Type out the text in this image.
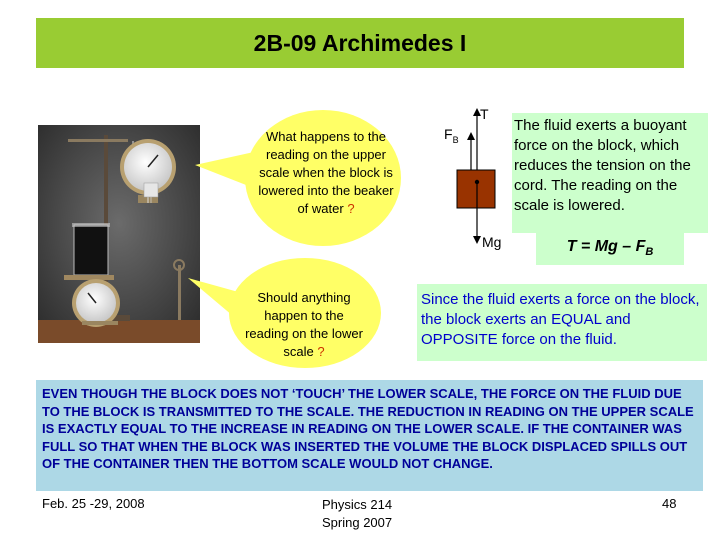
2B-09 Archimedes I
What happens to the reading on the upper scale when the block is lowered into the beaker of water ?
Should anything happen to the reading on the lower scale ?
T
$F_B$
Mg
The fluid exerts a buoyant force on the block, which reduces the tension on the cord. The reading on the scale is lowered.
$T = Mg - F_B$
Since the fluid exerts a force on the block, the block exerts an EQUAL and OPPOSITE force on the fluid.
EVEN THOUGH THE BLOCK DOES NOT ‘TOUCH’ THE LOWER SCALE, THE FORCE ON THE FLUID DUE TO THE BLOCK IS TRANSMITTED TO THE SCALE. THE REDUCTION IN READING ON THE UPPER SCALE IS EXACTLY EQUAL TO THE INCREASE IN READING ON THE LOWER SCALE. IF THE CONTAINER WAS FULL SO THAT WHEN THE BLOCK WAS INSERTED THE VOLUME THE BLOCK DISPLACED SPILLS OUT OF THE CONTAINER THEN THE BOTTOM SCALE WOULD NOT CHANGE.
Feb. 25 -29, 2008	Physics 214
Spring 2007
48
